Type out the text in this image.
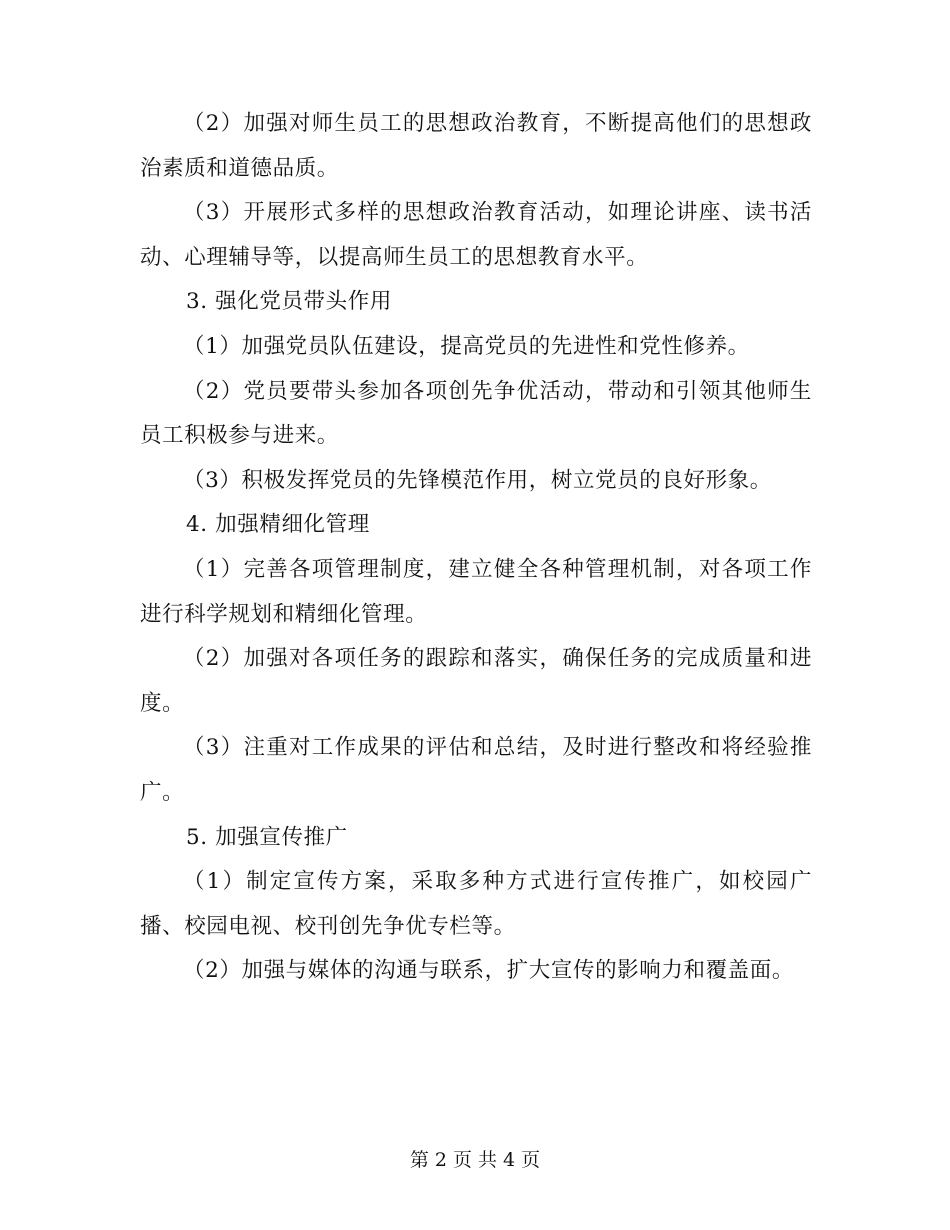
（2）加强对师生员工的思想政治教育，不断提高他们的思想政治素质和道德品质。

（3）开展形式多样的思想政治教育活动，如理论讲座、读书活动、心理辅导等，以提高师生员工的思想教育水平。

3. 强化党员带头作用

（1）加强党员队伍建设，提高党员的先进性和党性修养。

（2）党员要带头参加各项创先争优活动，带动和引领其他师生员工积极参与进来。

（3）积极发挥党员的先锋模范作用，树立党员的良好形象。

4. 加强精细化管理

（1）完善各项管理制度，建立健全各种管理机制，对各项工作进行科学规划和精细化管理。

（2）加强对各项任务的跟踪和落实，确保任务的完成质量和进度。

（3）注重对工作成果的评估和总结，及时进行整改和将经验推广。

5. 加强宣传推广

（1）制定宣传方案，采取多种方式进行宣传推广，如校园广播、校园电视、校刊创先争优专栏等。

（2）加强与媒体的沟通与联系，扩大宣传的影响力和覆盖面。

第 2 页 共 4 页
